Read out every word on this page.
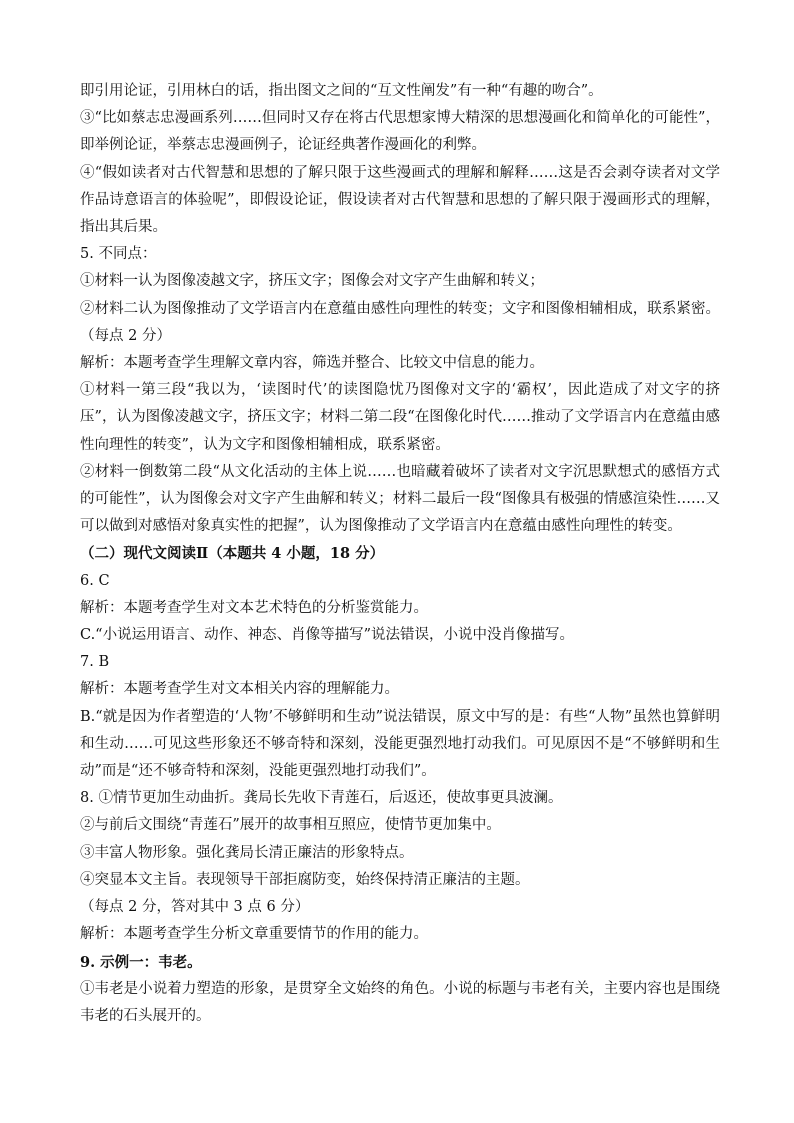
即引用论证，引用林白的话，指出图文之间的“互文性阐发”有一种“有趣的吻合”。

③“比如蔡志忠漫画系列……但同时又存在将古代思想家博大精深的思想漫画化和简单化的可能性”，即举例论证，举蔡志忠漫画例子，论证经典著作漫画化的利弊。

④“假如读者对古代智慧和思想的了解只限于这些漫画式的理解和解释……这是否会剥夺读者对文学作品诗意语言的体验呢”，即假设论证，假设读者对古代智慧和思想的了解只限于漫画形式的理解，指出其后果。

5. 不同点：

①材料一认为图像凌越文字，挤压文字；图像会对文字产生曲解和转义；

②材料二认为图像推动了文学语言内在意蕴由感性向理性的转变；文字和图像相辅相成，联系紧密。（每点 2 分）

解析：本题考查学生理解文章内容，筛选并整合、比较文中信息的能力。

①材料一第三段“我以为，‘读图时代’的读图隐忧乃图像对文字的‘霸权’，因此造成了对文字的挤压”，认为图像凌越文字，挤压文字；材料二第二段“在图像化时代……推动了文学语言内在意蕴由感性向理性的转变”，认为文字和图像相辅相成，联系紧密。

②材料一倒数第二段“从文化活动的主体上说……也暗藏着破坏了读者对文字沉思默想式的感悟方式的可能性”，认为图像会对文字产生曲解和转义；材料二最后一段“图像具有极强的情感渲染性……又可以做到对感悟对象真实性的把握”，认为图像推动了文学语言内在意蕴由感性向理性的转变。

（二）现代文阅读Ⅱ（本题共 4 小题，18 分）

6. C

解析：本题考查学生对文本艺术特色的分析鉴赏能力。

C.“小说运用语言、动作、神态、肖像等描写”说法错误，小说中没肖像描写。

7. B

解析：本题考查学生对文本相关内容的理解能力。

B.“就是因为作者塑造的‘人物’不够鲜明和生动”说法错误，原文中写的是：有些“人物”虽然也算鲜明和生动……可见这些形象还不够奇特和深刻，没能更强烈地打动我们。可见原因不是“不够鲜明和生动”而是“还不够奇特和深刻，没能更强烈地打动我们”。

8. ①情节更加生动曲折。龚局长先收下青莲石，后返还，使故事更具波澜。

②与前后文围绕“青莲石”展开的故事相互照应，使情节更加集中。

③丰富人物形象。强化龚局长清正廉洁的形象特点。

④突显本文主旨。表现领导干部拒腐防变，始终保持清正廉洁的主题。

（每点 2 分，答对其中 3 点 6 分）

解析：本题考查学生分析文章重要情节的作用的能力。

9. 示例一：韦老。

①韦老是小说着力塑造的形象，是贯穿全文始终的角色。小说的标题与韦老有关，主要内容也是围绕韦老的石头展开的。
